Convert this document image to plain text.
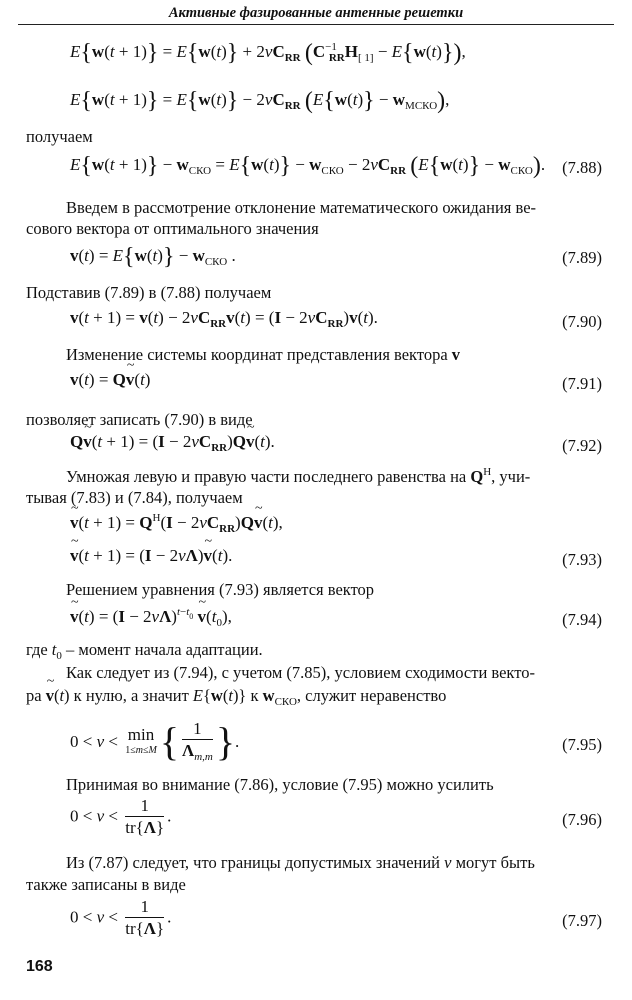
Активные фазированные антенные решетки
$E\{w(t + 1)\} = E\{w(t)\} + 2\nu C_{RR}$ $(C^{-1}_{RR}H_{[ 1]} - E\{w(t)\})$,
$E\{w(t + 1)\} = E\{w(t)\} - 2\nu C_{RR}$ $(E\{w(t)\} - w_{МСКО})$,
получаем
$E\{w(t + 1)\} - w_{СКО} = E\{w(t)\} - w_{СКО} - 2\nu C_{RR}$ $(E\{w(t)\} - w_{СКО})$. (7.88)
Введем в рассмотрение отклонение математического ожидания ве-
сового вектора от оптимального значения
$v(t) = E\{w(t)\} - w_{СКО}$ .	(7.89)
Подставив (7.89) в (7.88) получаем
$v(t + 1) = v(t) - 2\nu C_{RR}v(t) = (I - 2\nu C_{RR})v(t)$.	(7.90)
Изменение системы координат представления вектора v
v(t) = Q~ v(t)	(7.91)
позволяет записать (7.90) в виде
Q~ $v(t + 1) = (I - 2\nu C_{RR})Q\sim$ v(t).	(7.92)
Умножая левую и правую части последнего равенства на $Q^H$, учи-
тывая (7.83) и (7.84), получаем
~ $v(t + 1) = Q^H(I$ − $2\nu C_{RR})Q\sim$ v(t),
~ v(t + 1) = (I − 2νΛ)~ v(t).	(7.93)
Решением уравнения (7.93) является вектор
~ $v(t) = (I - 2\nu\Lambda)^{t-t_0}$ ~ $v(t_0)$,	(7.94)
где $t_0$ – момент начала адаптации.
Как следует из (7.94), с учетом (7.85), условием сходимости векто-
ра ~ v(t) к нулю, а значит E{w(t)} к $w_{СКО}$, служит неравенство
0 < ν < min
1≤m≤M { $\frac{1}{\Lambda_{m,m}}$ }.	(7.95)
Принимая во внимание (7.86), условие (7.95) можно усилить
$0 < \nu < \frac{1}{tr\{\Lambda\}}$ .	(7.96)
Из (7.87) следует, что границы допустимых значений ν могут быть
также записаны в виде
$0 < \nu < \frac{1}{tr\{\Lambda\}}$ .	(7.97)
168
